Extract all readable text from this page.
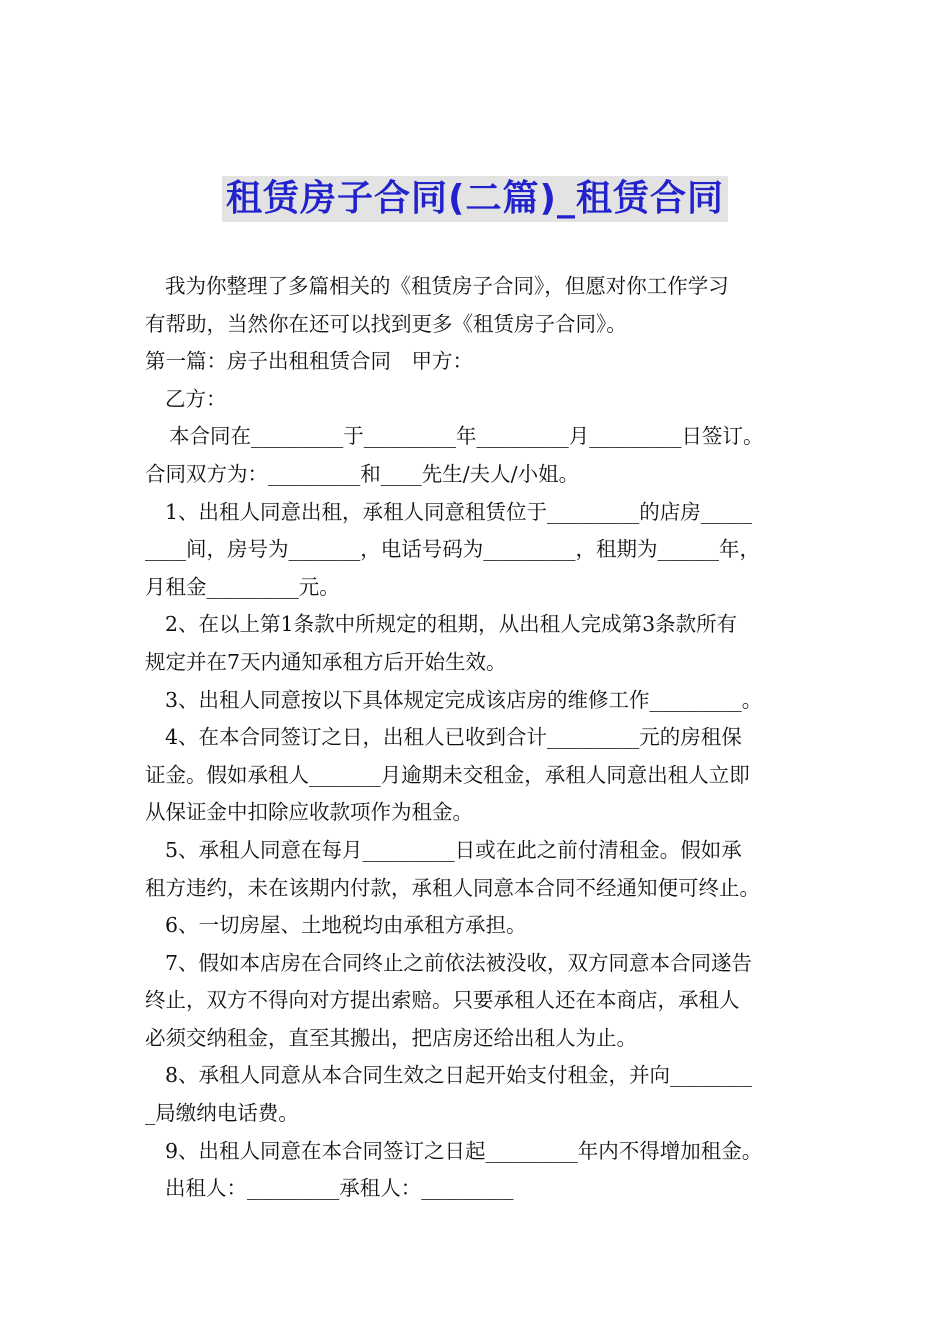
租赁房子合同(二篇)_租赁合同
我为你整理了多篇相关的《租赁房子合同》，但愿对你工作学习
有帮助，当然你在还可以找到更多《租赁房子合同》。
第一篇：房子出租租赁合同　甲方：
乙方：
本合同在_________于_________年_________月_________日签订。
合同双方为：_________和____先生/夫人/小姐。
1、出租人同意出租，承租人同意租赁位于_________的店房_____
____间，房号为_______，电话号码为_________，租期为______年，
月租金_________元。
2、在以上第1条款中所规定的租期，从出租人完成第3条款所有
规定并在7天内通知承租方后开始生效。
3、出租人同意按以下具体规定完成该店房的维修工作_________。
4、在本合同签订之日，出租人已收到合计_________元的房租保
证金。假如承租人_______月逾期未交租金，承租人同意出租人立即
从保证金中扣除应收款项作为租金。
5、承租人同意在每月_________日或在此之前付清租金。假如承
租方违约，未在该期内付款，承租人同意本合同不经通知便可终止。
6、一切房屋、土地税均由承租方承担。
7、假如本店房在合同终止之前依法被没收，双方同意本合同遂告
终止，双方不得向对方提出索赔。只要承租人还在本商店，承租人
必须交纳租金，直至其搬出，把店房还给出租人为止。
8、承租人同意从本合同生效之日起开始支付租金，并向________
_局缴纳电话费。
9、出租人同意在本合同签订之日起_________年内不得增加租金。
出租人：_________承租人：_________
